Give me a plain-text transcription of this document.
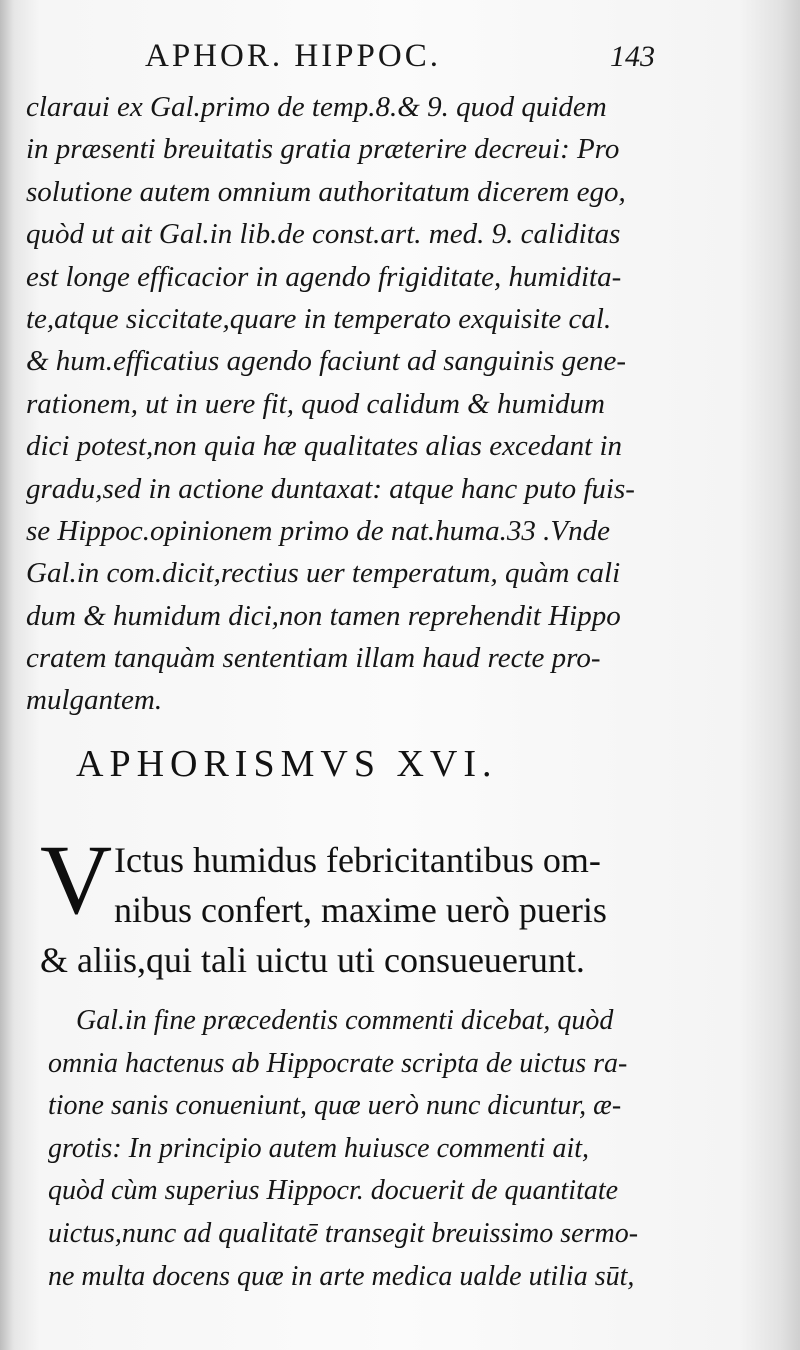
APHOR. HIPPOC.	143
claraui ex Gal.primo de temp.8.& 9. quod quidem
in præsenti breuitatis gratia præterire decreui: Pro
solutione autem omnium authoritatum dicerem ego,
quòd ut ait Gal.in lib.de const.art. med. 9. caliditas
est longe efficacior in agendo frigiditate, humidita-
te,atque siccitate,quare in temperato exquisite cal.
& hum.efficatius agendo faciunt ad sanguinis gene-
rationem, ut in uere fit, quod calidum & humidum
dici potest,non quia hæ qualitates alias excedant in
gradu,sed in actione duntaxat: atque hanc puto fuis-
se Hippoc.opinionem primo de nat.huma.33 .Vnde
Gal.in com.dicit,rectius uer temperatum, quàm cali
dum & humidum dici,non tamen reprehendit Hippo
cratem tanquàm sententiam illam haud recte pro-
mulgantem.
APHORISMVS XVI.
V Ictus humidus febricitantibus om-
nibus confert, maxime uerò pueris
& aliis,qui tali uictu uti consueuerunt.
Gal.in fine præcedentis commenti dicebat, quòd
omnia hactenus ab Hippocrate scripta de uictus ra-
tione sanis conueniunt, quæ uerò nunc dicuntur, æ-
grotis: In principio autem huiusce commenti ait,
quòd cùm superius Hippocr. docuerit de quantitate
uictus,nunc ad qualitatē transegit breuissimo sermo-
ne multa docens quæ in arte medica ualde utilia sūt,
